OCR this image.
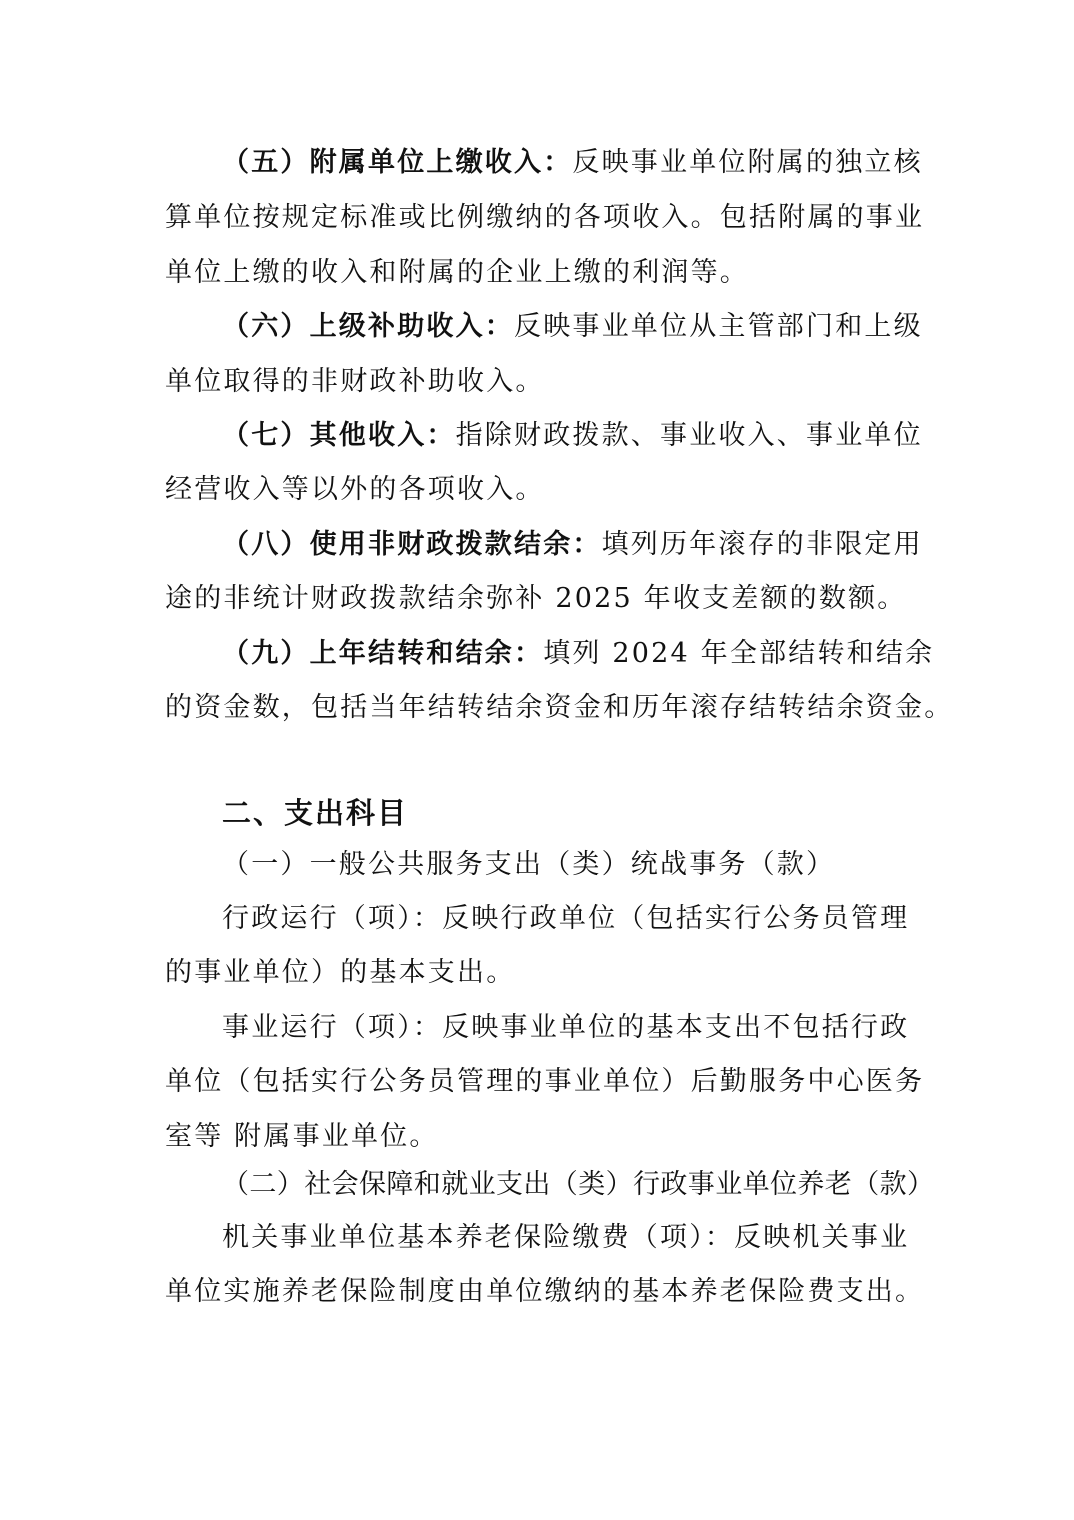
（五）附属单位上缴收入：反映事业单位附属的独立核
算单位按规定标准或比例缴纳的各项收入。包括附属的事业
单位上缴的收入和附属的企业上缴的利润等。
（六）上级补助收入：反映事业单位从主管部门和上级
单位取得的非财政补助收入。
（七）其他收入：指除财政拨款、事业收入、事业单位
经营收入等以外的各项收入。
（八）使用非财政拨款结余：填列历年滚存的非限定用
途的非统计财政拨款结余弥补 2025 年收支差额的数额。
（九）上年结转和结余：填列 2024 年全部结转和结余
的资金数，包括当年结转结余资金和历年滚存结转结余资金。
二、支出科目
（一）一般公共服务支出（类）统战事务（款）
行政运行（项）：反映行政单位（包括实行公务员管理
的事业单位）的基本支出。
事业运行（项）：反映事业单位的基本支出不包括行政
单位（包括实行公务员管理的事业单位）后勤服务中心医务
室等 附属事业单位。
（二）社会保障和就业支出（类）行政事业单位养老（款）
机关事业单位基本养老保险缴费（项）：反映机关事业
单位实施养老保险制度由单位缴纳的基本养老保险费支出。
